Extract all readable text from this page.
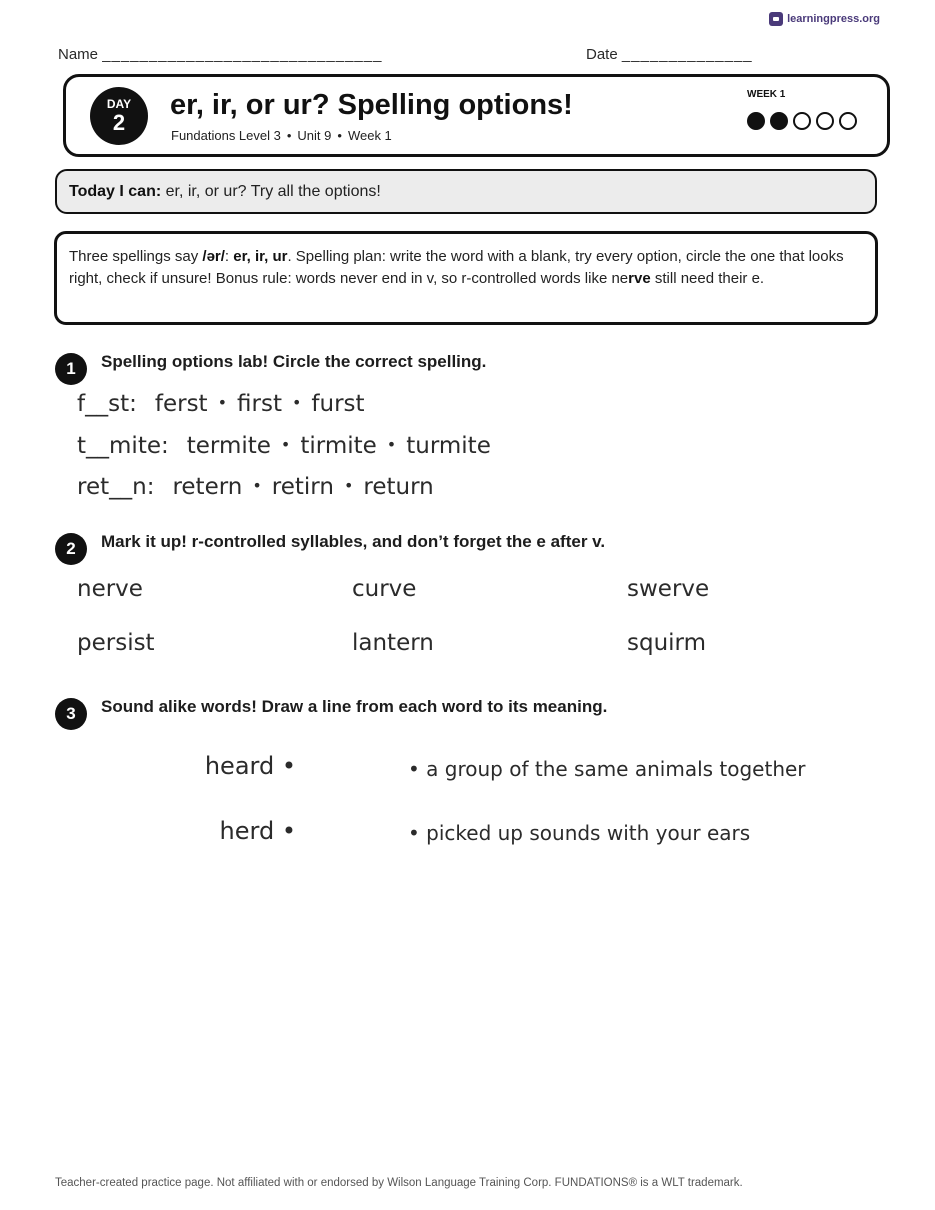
learningpress.org
Name ______________________________	Date ______________
DAY
2
er, ir, or ur? Spelling options!
Fundations Level 3 • Unit 9 • Week 1
WEEK 1
Today I can: er, ir, or ur? Try all the options!
Three spellings say /ər/: er, ir, ur. Spelling plan: write the word with a blank, try every option, circle the one that looks right, check if unsure! Bonus rule: words never end in v, so r-controlled words like nerve still need their e.
1	Spelling options lab! Circle the correct spelling.
f__st: ferst • first • furst
t__mite: termite • tirmite • turmite
ret__n: retern • retirn • return
2	Mark it up! r-controlled syllables, and don’t forget the e after v.
nerve	curve	swerve
persist	lantern	squirm
3	Sound alike words! Draw a line from each word to its meaning.
heard •
herd •
• a group of the same animals together
• picked up sounds with your ears
Teacher-created practice page. Not affiliated with or endorsed by Wilson Language Training Corp. FUNDATIONS® is a WLT trademark.
